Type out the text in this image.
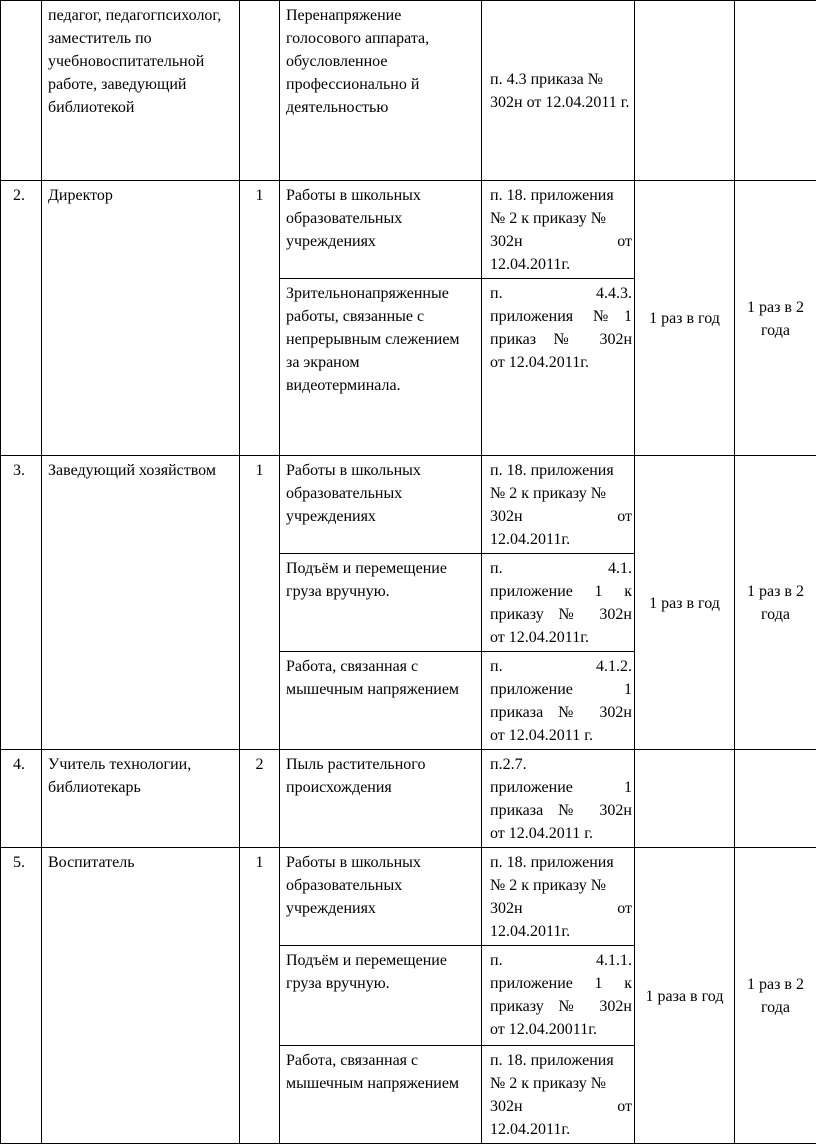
	педагог, педагогпсихолог, заместитель по учебновоспитательной работе, заведующий библиотекой		Перенапряжение голосового аппарата, обусловленное профессионально й деятельностью	п. 4.3 приказа № 302н от 12.04.2011 г.		
2.	Директор	1	Работы в школьных образовательных учреждениях	п. 18. приложения
№ 2 к приказу №
302н от
12.04.2011г.	1 раз в год	1 раз в 2 года
			Зрительнонапряженные работы, связанные с непрерывным слежением за экраном видеотерминала.	п. 4.4.3.
приложения №1
приказ № 302н
от 12.04.2011г.		

3.	Заведующий хозяйством	1	Работы в школьных образовательных учреждениях	п. 18. приложения
№ 2 к приказу №
302н от
12.04.2011г.	1 раз в год	1 раз в 2 года
			Подъём и перемещение груза вручную.	п. 4.1.
приложение 1 к
приказу № 302н
от 12.04.2011г.		

			Работа, связанная с мышечным напряжением	п. 4.1.2.
приложение 1
приказа № 302н
от 12.04.2011 г.		

4.	Учитель технологии, библиотекарь	2	Пыль растительного происхождения	п.2.7.
приложение 1
приказа № 302н
от 12.04.2011 г.		

5.	Воспитатель	1	Работы в школьных образовательных учреждениях	п. 18. приложения
№ 2 к приказу №
302н от
12.04.2011г.	1 раза в год	1 раз в 2 года
			Подъём и перемещение груза вручную.	п. 4.1.1.
приложение 1 к
приказу № 302н
от 12.04.20011г.		

			Работа, связанная с мышечным напряжением	п. 18. приложения
№ 2 к приказу №
302н от
12.04.2011г.		
